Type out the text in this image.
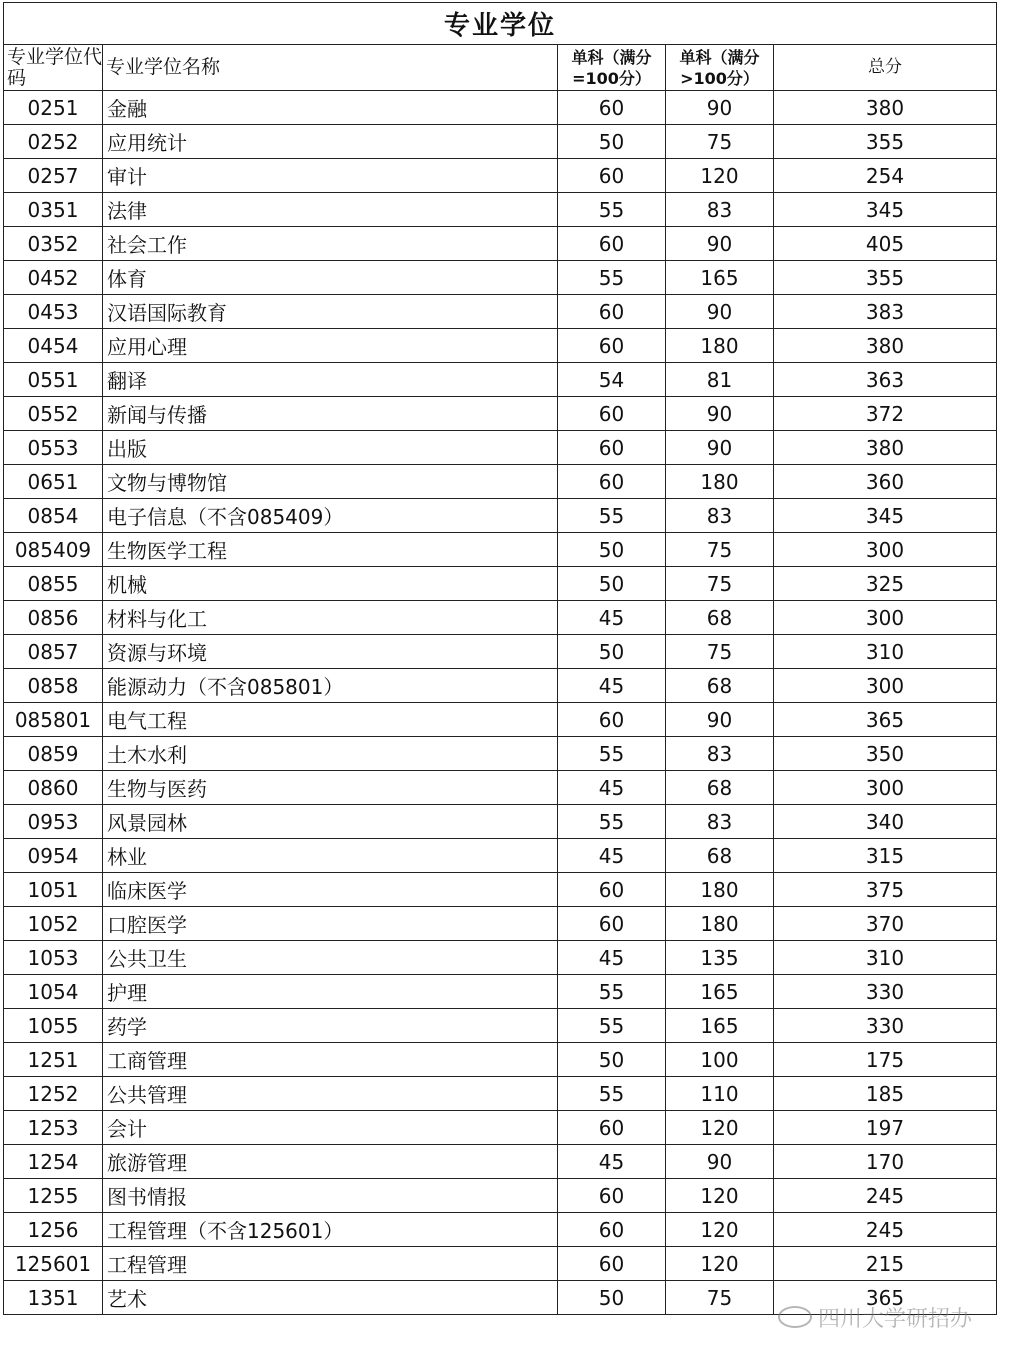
专业学位				
专业学位代码	专业学位名称	单科（满分=100分）	单科（满分>100分）	总分
0251	金融	60	90	380
0252	应用统计	50	75	355
0257	审计	60	120	254
0351	法律	55	83	345
0352	社会工作	60	90	405
0452	体育	55	165	355
0453	汉语国际教育	60	90	383
0454	应用心理	60	180	380
0551	翻译	54	81	363
0552	新闻与传播	60	90	372
0553	出版	60	90	380
0651	文物与博物馆	60	180	360
0854	电子信息（不含085409）	55	83	345
085409	生物医学工程	50	75	300
0855	机械	50	75	325
0856	材料与化工	45	68	300
0857	资源与环境	50	75	310
0858	能源动力（不含085801）	45	68	300
085801	电气工程	60	90	365
0859	土木水利	55	83	350
0860	生物与医药	45	68	300
0953	风景园林	55	83	340
0954	林业	45	68	315
1051	临床医学	60	180	375
1052	口腔医学	60	180	370
1053	公共卫生	45	135	310
1054	护理	55	165	330
1055	药学	55	165	330
1251	工商管理	50	100	175
1252	公共管理	55	110	185
1253	会计	60	120	197
1254	旅游管理	45	90	170
1255	图书情报	60	120	245
1256	工程管理（不含125601）	60	120	245
125601	工程管理	60	120	215
1351	艺术	50	75	365
四川大学研招办
